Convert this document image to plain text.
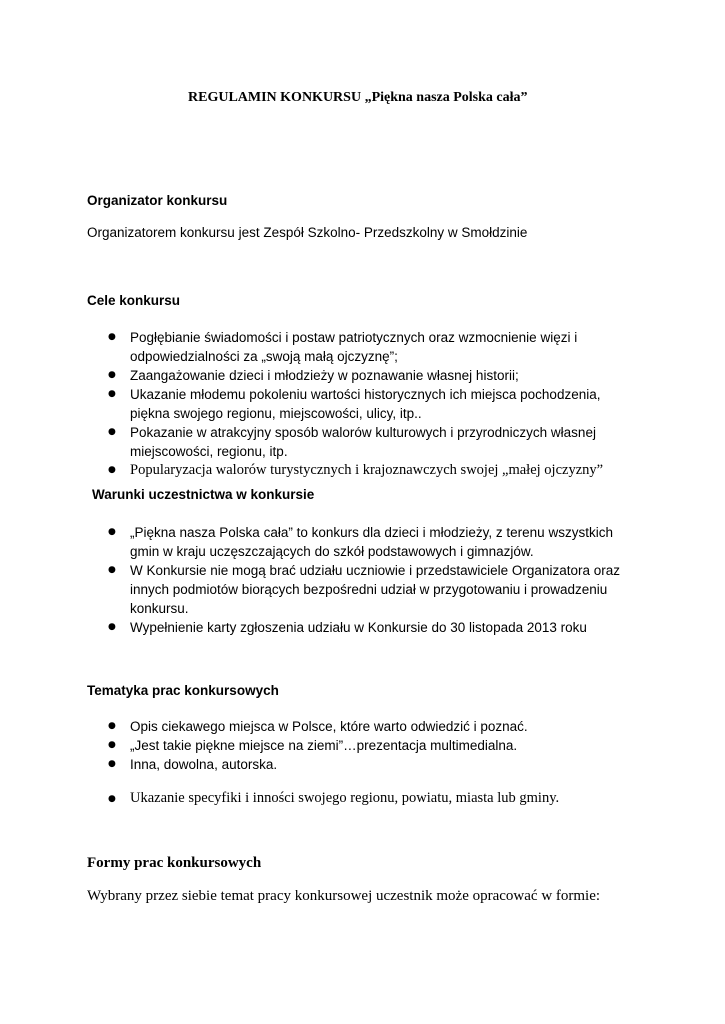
REGULAMIN KONKURSU „Piękna nasza Polska cała”
Organizator konkursu
Organizatorem konkursu jest Zespół Szkolno- Przedszkolny w Smołdzinie
Cele konkursu
● Pogłębianie świadomości i postaw patriotycznych oraz wzmocnienie więzi i
odpowiedzialności za „swoją małą ojczyznę”;
● Zaangażowanie dzieci i młodzieży w poznawanie własnej historii;
● Ukazanie młodemu pokoleniu wartości historycznych ich miejsca pochodzenia,
piękna swojego regionu, miejscowości, ulicy, itp..
● Pokazanie w atrakcyjny sposób walorów kulturowych i przyrodniczych własnej
miejscowości, regionu, itp.
● Popularyzacja walorów turystycznych i krajoznawczych swojej „małej ojczyzny”
Warunki uczestnictwa w konkursie
● „Piękna nasza Polska cała” to konkurs dla dzieci i młodzieży, z terenu wszystkich
gmin w kraju uczęszczających do szkół podstawowych i gimnazjów.
● W Konkursie nie mogą brać udziału uczniowie i przedstawiciele Organizatora oraz
innych podmiotów biorących bezpośredni udział w przygotowaniu i prowadzeniu
konkursu.
● Wypełnienie karty zgłoszenia udziału w Konkursie do 30 listopada 2013 roku
Tematyka prac konkursowych
● Opis ciekawego miejsca w Polsce, które warto odwiedzić i poznać.
● „Jest takie piękne miejsce na ziemi”…prezentacja multimedialna.
● Inna, dowolna, autorska.
● Ukazanie specyfiki i inności swojego regionu, powiatu, miasta lub gminy.
Formy prac konkursowych
Wybrany przez siebie temat pracy konkursowej uczestnik może opracować w formie:
